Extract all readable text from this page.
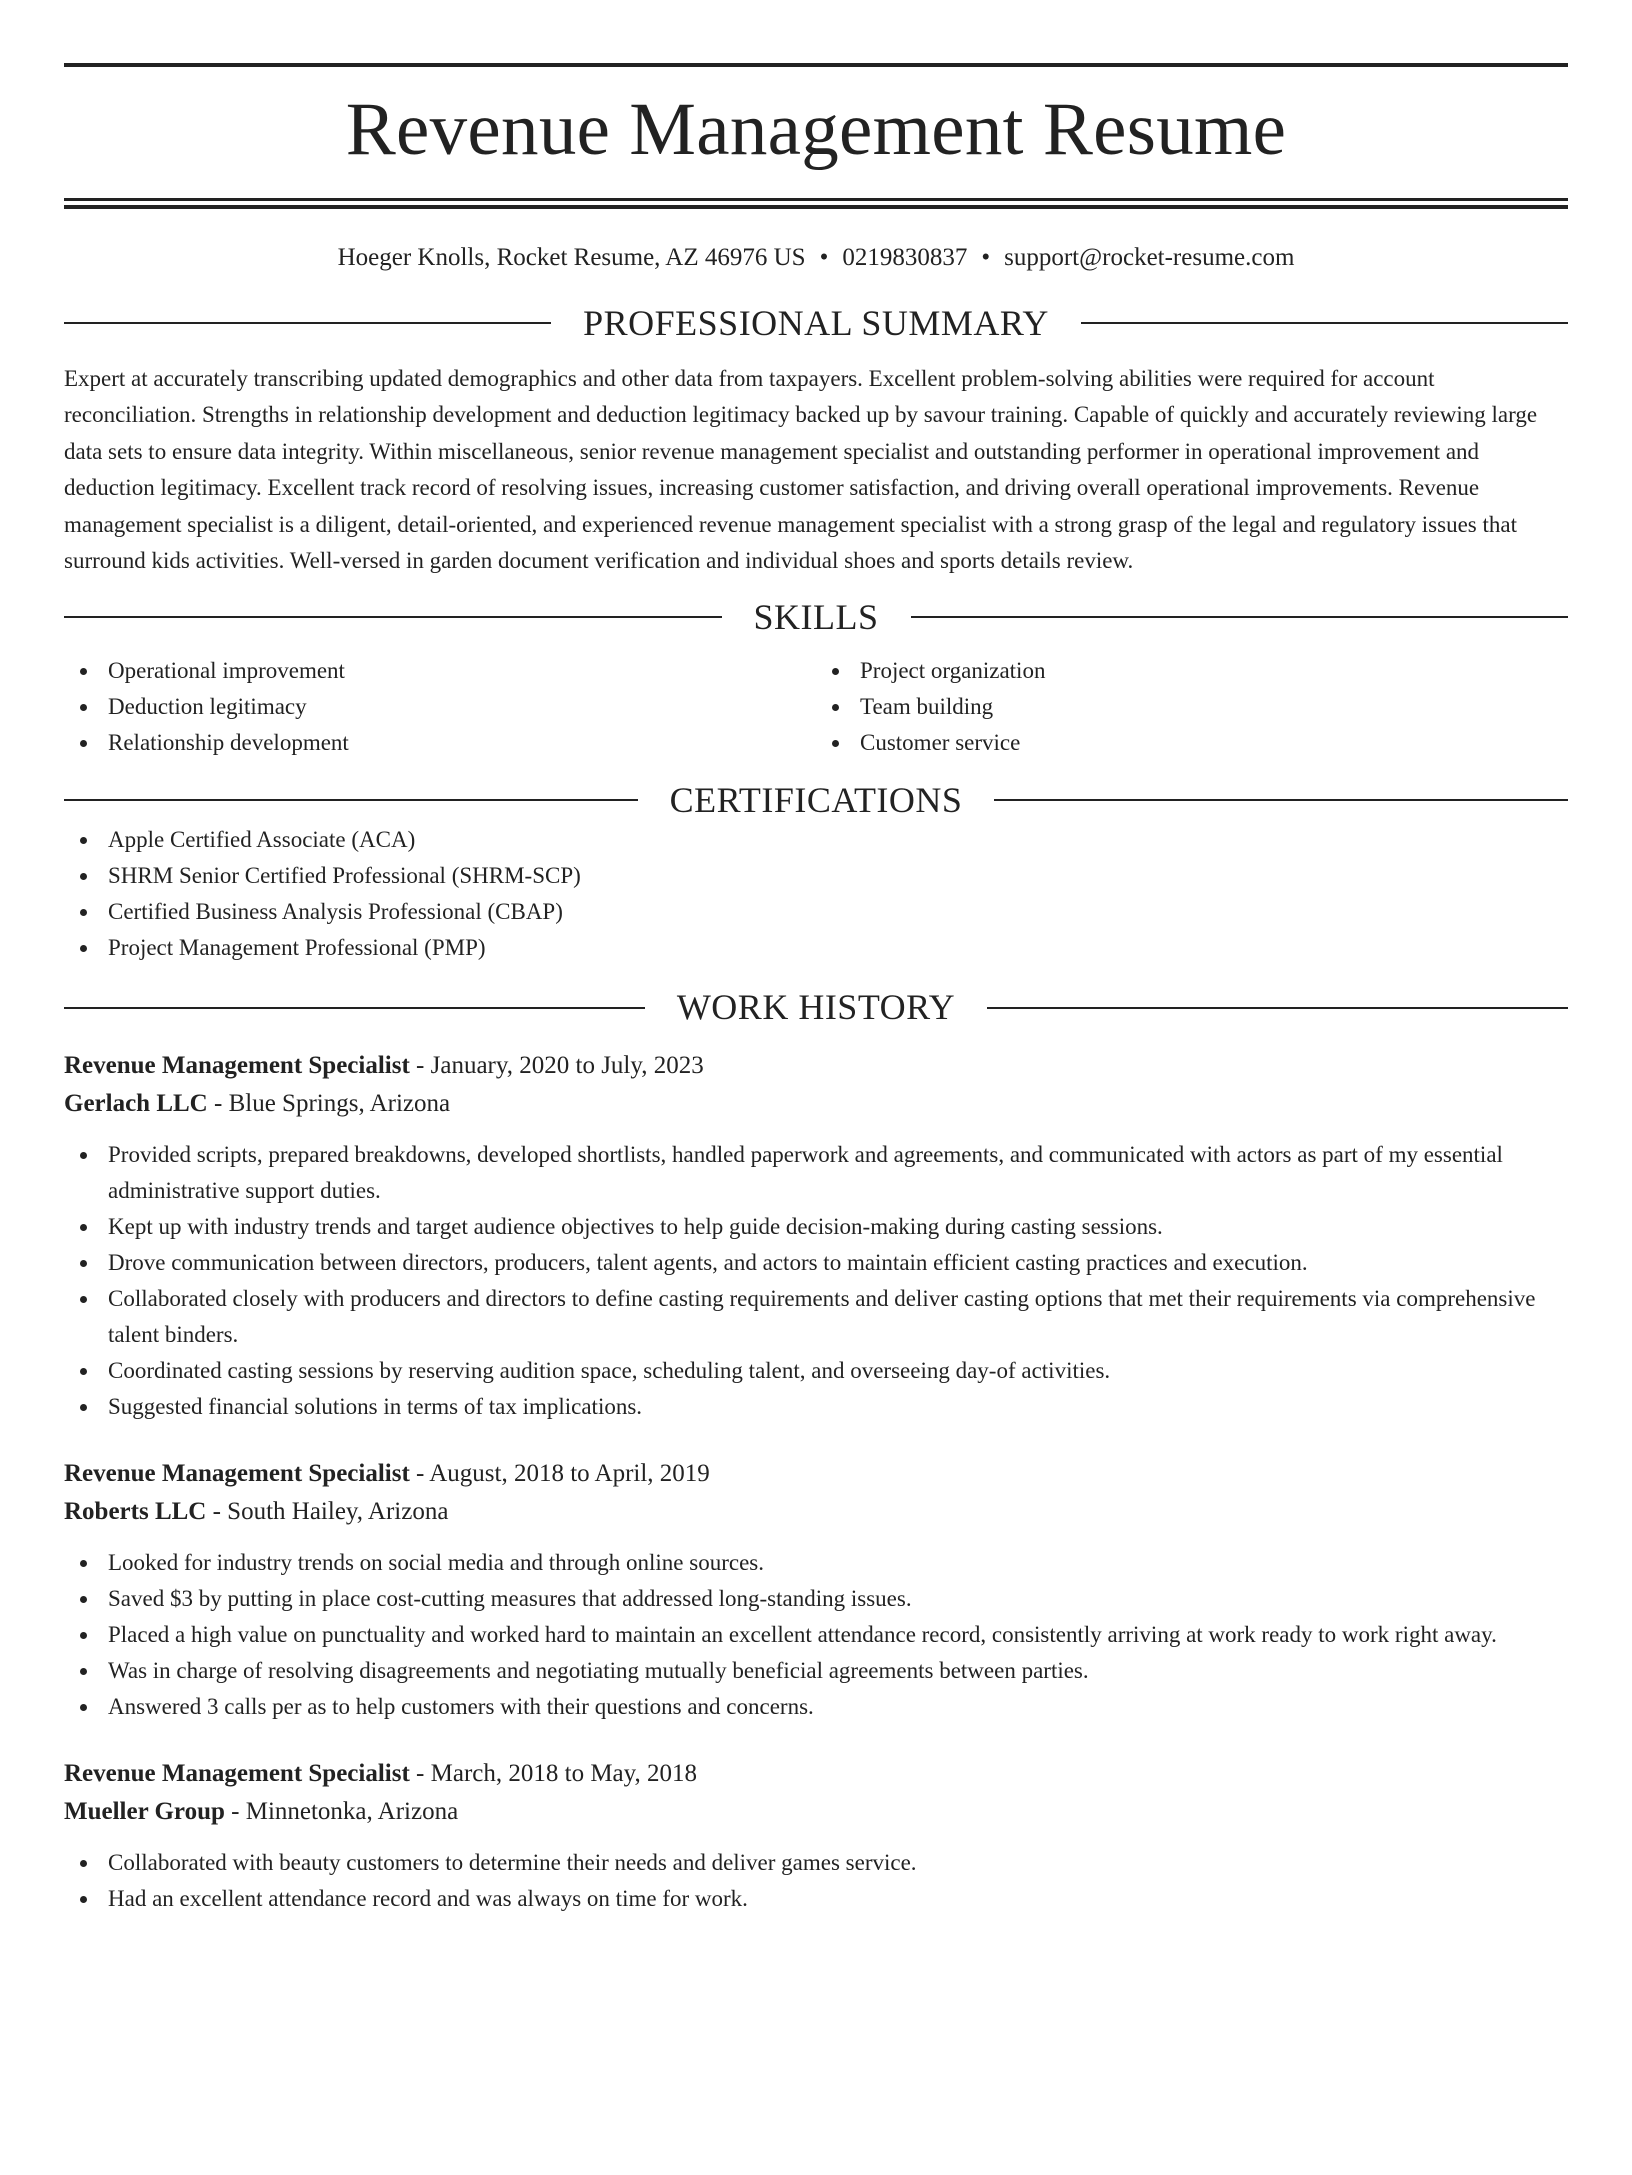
Revenue Management Resume
Hoeger Knolls, Rocket Resume, AZ 46976 US • 0219830837 • support@rocket-resume.com
PROFESSIONAL SUMMARY

Expert at accurately transcribing updated demographics and other data from taxpayers. Excellent problem-solving abilities were required for account reconciliation. Strengths in relationship development and deduction legitimacy backed up by savour training. Capable of quickly and accurately reviewing large data sets to ensure data integrity. Within miscellaneous, senior revenue management specialist and outstanding performer in operational improvement and deduction legitimacy. Excellent track record of resolving issues, increasing customer satisfaction, and driving overall operational improvements. Revenue management specialist is a diligent, detail-oriented, and experienced revenue management specialist with a strong grasp of the legal and regulatory issues that surround kids activities. Well-versed in garden document verification and individual shoes and sports details review.

SKILLS
Operational improvement
Deduction legitimacy
Relationship development
Project organization
Team building
Customer service
CERTIFICATIONS
Apple Certified Associate (ACA)
SHRM Senior Certified Professional (SHRM-SCP)
Certified Business Analysis Professional (CBAP)
Project Management Professional (PMP)
WORK HISTORY
Revenue Management Specialist - January, 2020 to July, 2023
Gerlach LLC - Blue Springs, Arizona
Provided scripts, prepared breakdowns, developed shortlists, handled paperwork and agreements, and communicated with actors as part of my essential administrative support duties.
Kept up with industry trends and target audience objectives to help guide decision-making during casting sessions.
Drove communication between directors, producers, talent agents, and actors to maintain efficient casting practices and execution.
Collaborated closely with producers and directors to define casting requirements and deliver casting options that met their requirements via comprehensive talent binders.
Coordinated casting sessions by reserving audition space, scheduling talent, and overseeing day-of activities.
Suggested financial solutions in terms of tax implications.
Revenue Management Specialist - August, 2018 to April, 2019
Roberts LLC - South Hailey, Arizona
Looked for industry trends on social media and through online sources.
Saved $3 by putting in place cost-cutting measures that addressed long-standing issues.
Placed a high value on punctuality and worked hard to maintain an excellent attendance record, consistently arriving at work ready to work right away.
Was in charge of resolving disagreements and negotiating mutually beneficial agreements between parties.
Answered 3 calls per as to help customers with their questions and concerns.
Revenue Management Specialist - March, 2018 to May, 2018
Mueller Group - Minnetonka, Arizona
Collaborated with beauty customers to determine their needs and deliver games service.
Had an excellent attendance record and was always on time for work.
